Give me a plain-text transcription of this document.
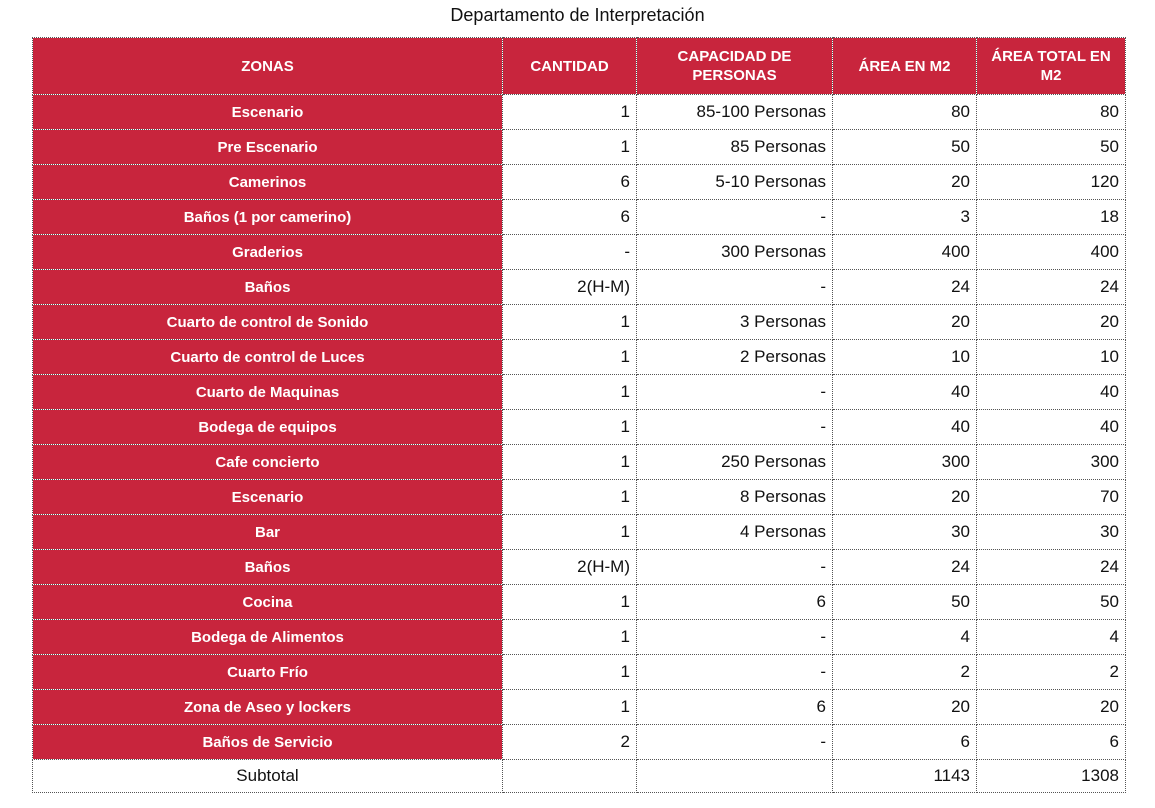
Departamento de Interpretación
ZONAS	CANTIDAD	CAPACIDAD DE PERSONAS	ÁREA EN M2	ÁREA TOTAL EN M2
Escenario	1	85-100 Personas	80	80
Pre Escenario	1	85 Personas	50	50
Camerinos	6	5-10 Personas	20	120
Baños (1 por camerino)	6	-	3	18
Graderios	-	300 Personas	400	400
Baños	2(H-M)	-	24	24
Cuarto de control de Sonido	1	3 Personas	20	20
Cuarto de control de Luces	1	2 Personas	10	10
Cuarto de Maquinas	1	-	40	40
Bodega de equipos	1	-	40	40
Cafe concierto	1	250 Personas	300	300
Escenario	1	8 Personas	20	70
Bar	1	4 Personas	30	30
Baños	2(H-M)	-	24	24
Cocina	1	6	50	50
Bodega de Alimentos	1	-	4	4
Cuarto Frío	1	-	2	2
Zona de Aseo y lockers	1	6	20	20
Baños de Servicio	2	-	6	6
Subtotal			1143	1308
